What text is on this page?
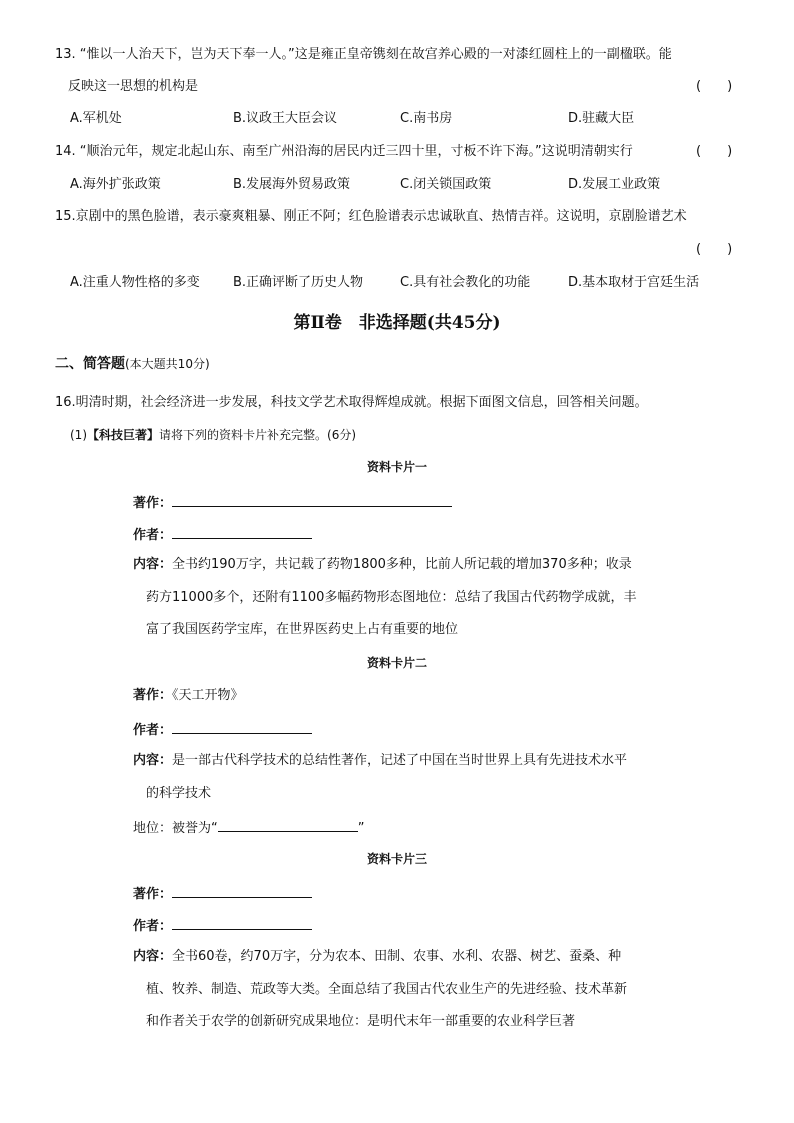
13. “惟以一人治天下，岂为天下奉一人。”这是雍正皇帝镌刻在故宫养心殿的一对漆红圆柱上的一副楹联。能
反映这一思想的机构是	(　　)
A.军机处	B.议政王大臣会议	C.南书房	D.驻藏大臣
14. “顺治元年，规定北起山东、南至广州沿海的居民内迁三四十里，寸板不许下海。”这说明清朝实行	(　　)
A.海外扩张政策	B.发展海外贸易政策	C.闭关锁国政策	D.发展工业政策
15.京剧中的黑色脸谱，表示豪爽粗暴、刚正不阿；红色脸谱表示忠诚耿直、热情吉祥。这说明，京剧脸谱艺术
(　　)
A.注重人物性格的多变	B.正确评断了历史人物	C.具有社会教化的功能	D.基本取材于宫廷生活
第Ⅱ卷　非选择题(共45分)
二、简答题(本大题共10分)
16.明清时期，社会经济进一步发展，科技文学艺术取得辉煌成就。根据下面图文信息，回答相关问题。
(1)【科技巨著】请将下列的资料卡片补充完整。(6分)
资料卡片一
著作：
作者：
内容：全书约190万字，共记载了药物1800多种，比前人所记载的增加370多种；收录
药方11000多个，还附有1100多幅药物形态图地位：总结了我国古代药物学成就，丰
富了我国医药学宝库，在世界医药史上占有重要的地位
资料卡片二
著作：《天工开物》
作者：
内容：是一部古代科学技术的总结性著作，记述了中国在当时世界上具有先进技术水平
的科学技术
地位：被誉为“	”
资料卡片三
著作：
作者：
内容：全书60卷，约70万字，分为农本、田制、农事、水利、农器、树艺、蚕桑、种
植、牧养、制造、荒政等大类。全面总结了我国古代农业生产的先进经验、技术革新
和作者关于农学的创新研究成果地位：是明代末年一部重要的农业科学巨著
